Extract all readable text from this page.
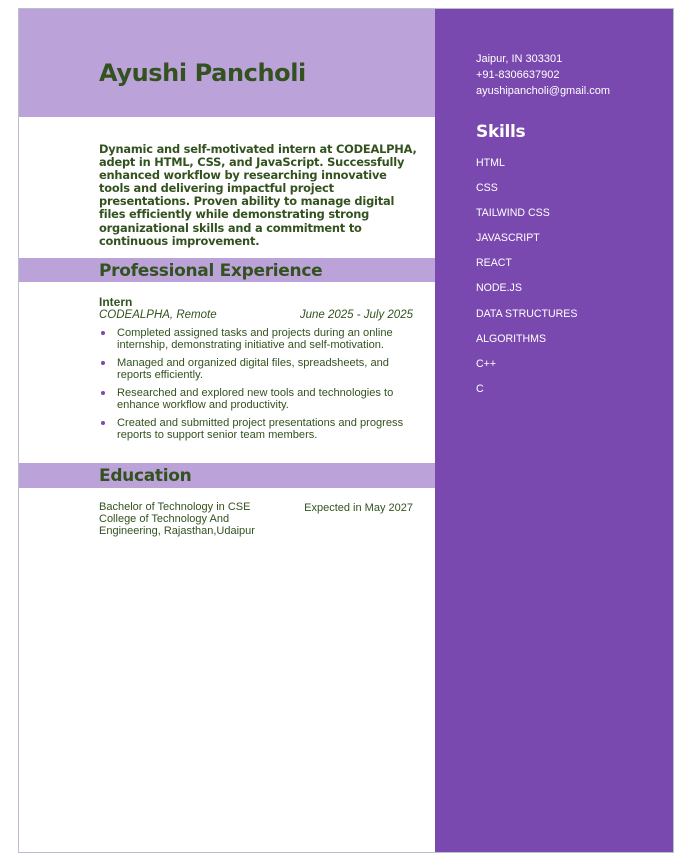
Ayushi Pancholi

Dynamic and self-motivated intern at CODEALPHA, adept in HTML, CSS, and JavaScript. Successfully enhanced workflow by researching innovative tools and delivering impactful project presentations. Proven ability to manage digital files efficiently while demonstrating strong organizational skills and a commitment to continuous improvement.

Professional Experience
Intern
CODEALPHA, Remote	June 2025 - July 2025
Completed assigned tasks and projects during an online internship, demonstrating initiative and self-motivation.
Managed and organized digital files, spreadsheets, and reports efficiently.
Researched and explored new tools and technologies to enhance workflow and productivity.
Created and submitted project presentations and progress reports to support senior team members.
Education
Bachelor of Technology in CSE College of Technology And Engineering, Rajasthan,Udaipur
Expected in May 2027
Jaipur, IN 303301
+91-8306637902
ayushipancholi@gmail.com
Skills
HTML
CSS
TAILWIND CSS
JAVASCRIPT
REACT
NODE.JS
DATA STRUCTURES
ALGORITHMS
C++
C
